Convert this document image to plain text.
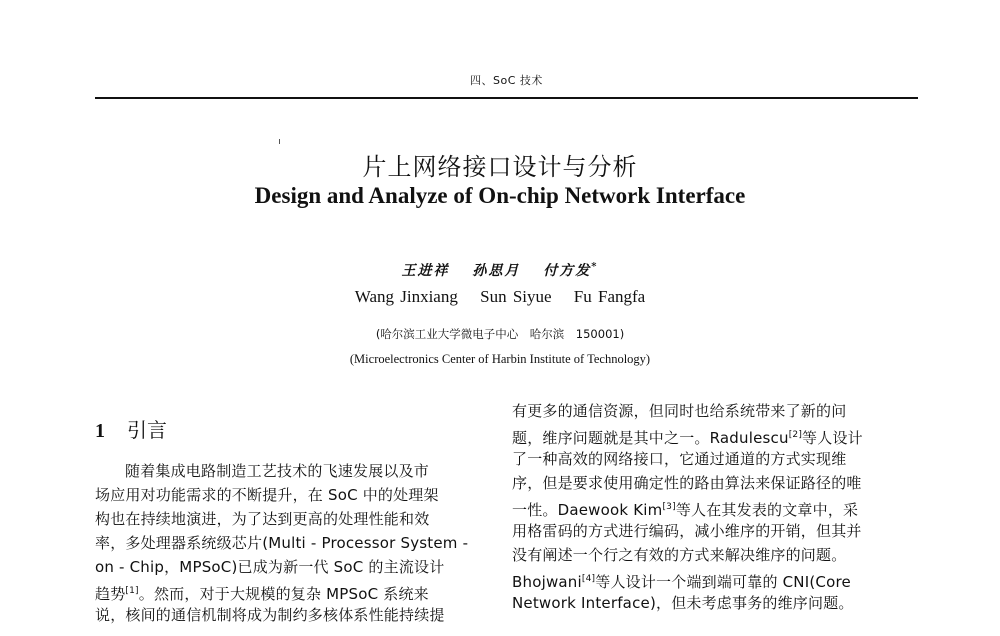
四、SoC 技术
片上网络接口设计与分析
Design and Analyze of On-chip Network Interface
王进祥 孙思月 付方发*
Wang Jinxiang Sun Siyue Fu Fangfa
(哈尔滨工业大学微电子中心　哈尔滨　150001)
(Microelectronics Center of Harbin Institute of Technology)
1 引言
随着集成电路制造工艺技术的飞速发展以及市
场应用对功能需求的不断提升，在 SoC 中的处理架
构也在持续地演进，为了达到更高的处理性能和效
率，多处理器系统级芯片(Multi - Processor System -
on - Chip，MPSoC)已成为新一代 SoC 的主流设计
趋势[1]。然而，对于大规模的复杂 MPSoC 系统来
说，核间的通信机制将成为制约多核体系性能持续提
有更多的通信资源，但同时也给系统带来了新的问
题，维序问题就是其中之一。Radulescu[2]等人设计
了一种高效的网络接口，它通过通道的方式实现维
序，但是要求使用确定性的路由算法来保证路径的唯
一性。Daewook Kim[3]等人在其发表的文章中，采
用格雷码的方式进行编码，减小维序的开销，但其并
没有阐述一个行之有效的方式来解决维序的问题。
Bhojwani[4]等人设计一个端到端可靠的 CNI(Core
Network Interface)，但未考虑事务的维序问题。
